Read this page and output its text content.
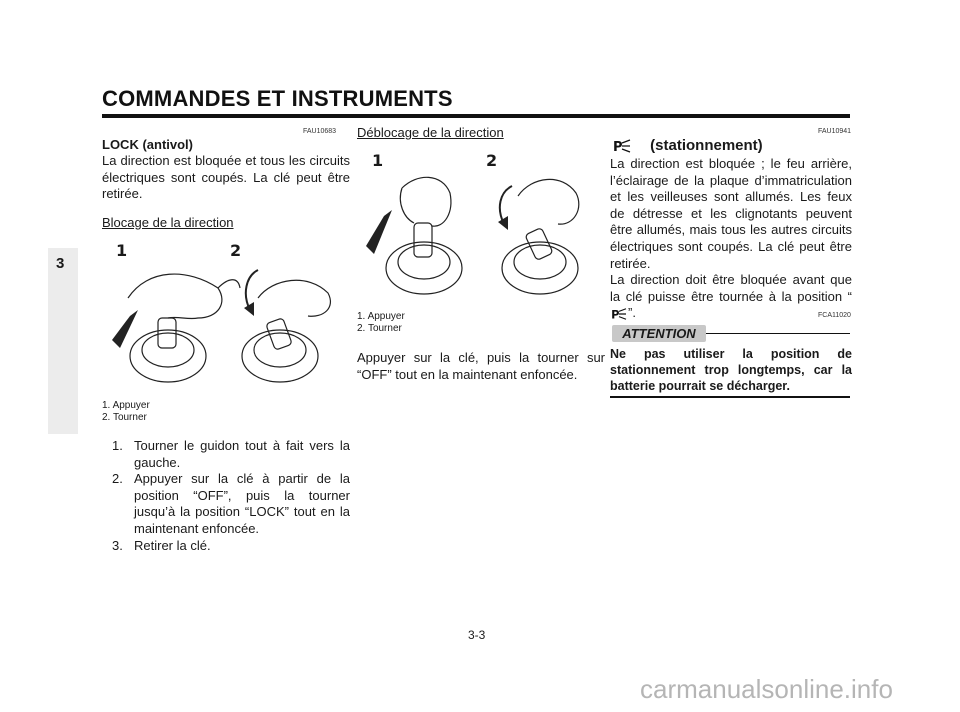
COMMANDES ET INSTRUMENTS
3
FAU10683
LOCK (antivol)
La direction est bloquée et tous les circuits électriques sont coupés. La clé peut être retirée.
Blocage de la direction
1	2
1. Appuyer
2. Tourner
1. Tourner le guidon tout à fait vers la gauche.
2. Appuyer sur la clé à partir de la position “OFF”, puis la tourner jusqu’à la position “LOCK” tout en la maintenant enfoncée.
3. Retirer la clé.
Déblocage de la direction
1	2
1. Appuyer
2. Tourner
Appuyer sur la clé, puis la tourner sur “OFF” tout en la maintenant enfoncée.
FAU10941
P (stationnement)
La direction est bloquée ; le feu arrière, l’éclairage de la plaque d’immatriculation et les veilleuses sont allumés. Les feux de détresse et les clignotants peuvent être allumés, mais tous les autres circuits électriques sont coupés. La clé peut être retirée.
La direction doit être bloquée avant que la clé puisse être tournée à la position “
P ”.	FCA11020
ATTENTION
Ne pas utiliser la position de stationnement trop longtemps, car la batterie pourrait se décharger.
3-3
carmanualsonline.info
